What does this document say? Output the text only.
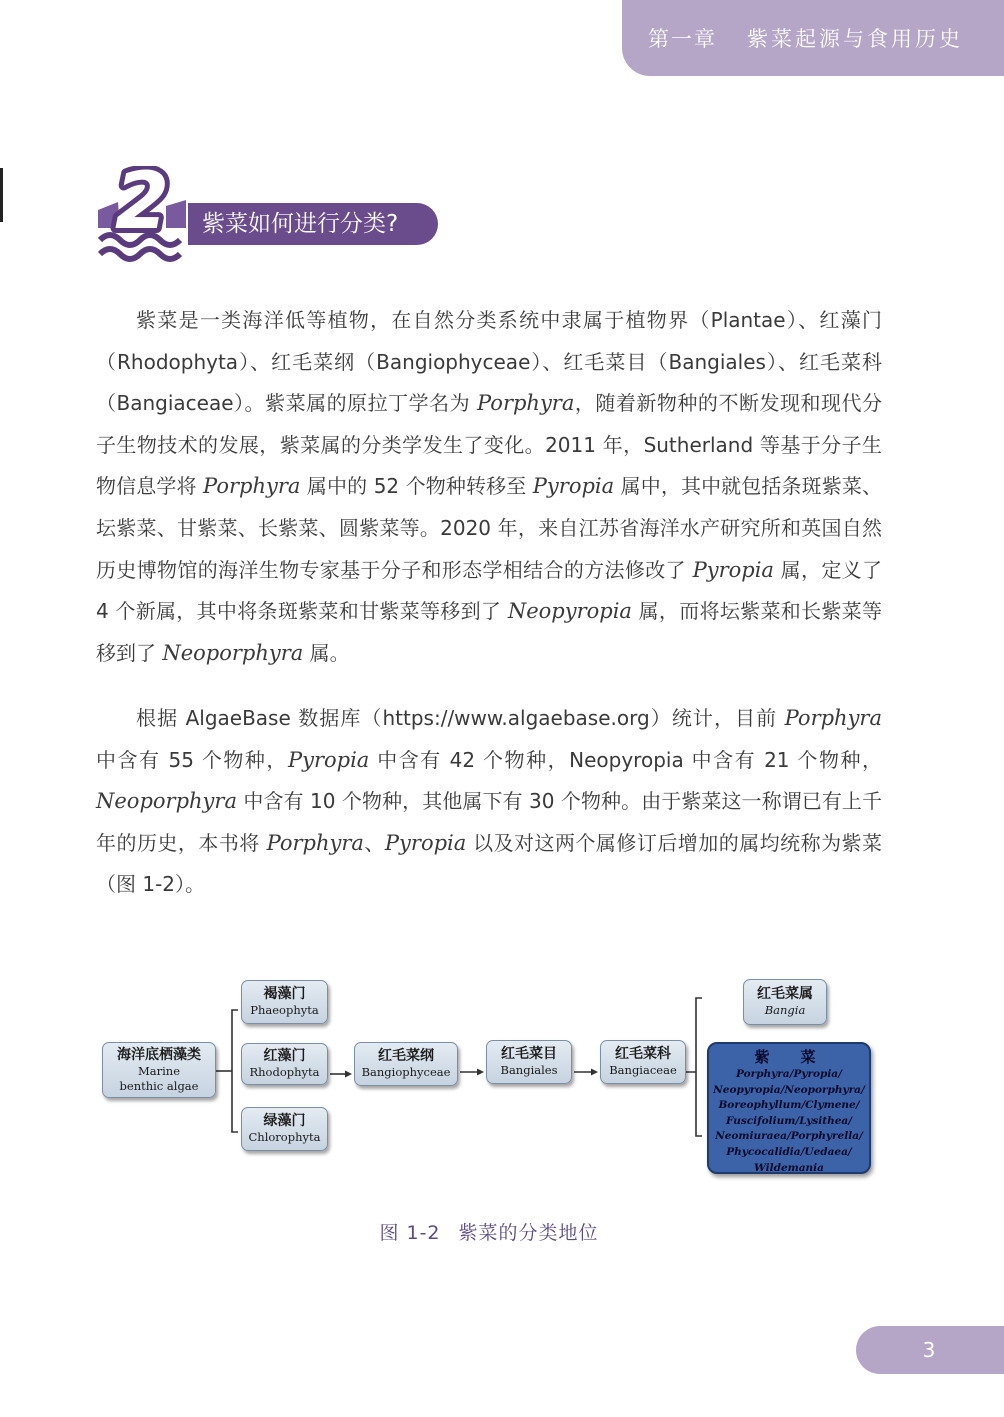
第一章 紫菜起源与食用历史
2	紫菜如何进行分类?

紫菜是一类海洋低等植物，在自然分类系统中隶属于植物界（Plantae）、红藻门（Rhodophyta）、红毛菜纲（Bangiophyceae）、红毛菜目（Bangiales）、红毛菜科（Bangiaceae）。紫菜属的原拉丁学名为 Porphyra，随着新物种的不断发现和现代分子生物技术的发展，紫菜属的分类学发生了变化。2011 年，Sutherland 等基于分子生物信息学将 Porphyra 属中的 52 个物种转移至 Pyropia 属中，其中就包括条斑紫菜、坛紫菜、甘紫菜、长紫菜、圆紫菜等。2020 年，来自江苏省海洋水产研究所和英国自然历史博物馆的海洋生物专家基于分子和形态学相结合的方法修改了 Pyropia 属，定义了 4 个新属，其中将条斑紫菜和甘紫菜等移到了 Neopyropia 属，而将坛紫菜和长紫菜等移到了 Neoporphyra 属。

根据 AlgaeBase 数据库（https://www.algaebase.org）统计，目前 Porphyra 中含有 55 个物种，Pyropia 中含有 42 个物种，Neopyropia 中含有 21 个物种，Neoporphyra 中含有 10 个物种，其他属下有 30 个物种。由于紫菜这一称谓已有上千年的历史，本书将 Porphyra、Pyropia 以及对这两个属修订后增加的属均统称为紫菜（图 1-2）。

海洋底栖藻类
Marine
benthic algae
褐藻门
Phaeophyta
红藻门
Rhodophyta
绿藻门
Chlorophyta
红毛菜纲
Bangiophyceae
红毛菜目
Bangiales
红毛菜科
Bangiaceae
红毛菜属
Bangia
紫　菜
Porphyra/Pyropia/
Neopyropia/Neoporphyra/
Boreophyllum/Clymene/
Fuscifolium/Lysithea/
Neomiuraea/Porphyrella/
Phycocalidia/Uedaea/
Wildemania
图 1-2 紫菜的分类地位
3
